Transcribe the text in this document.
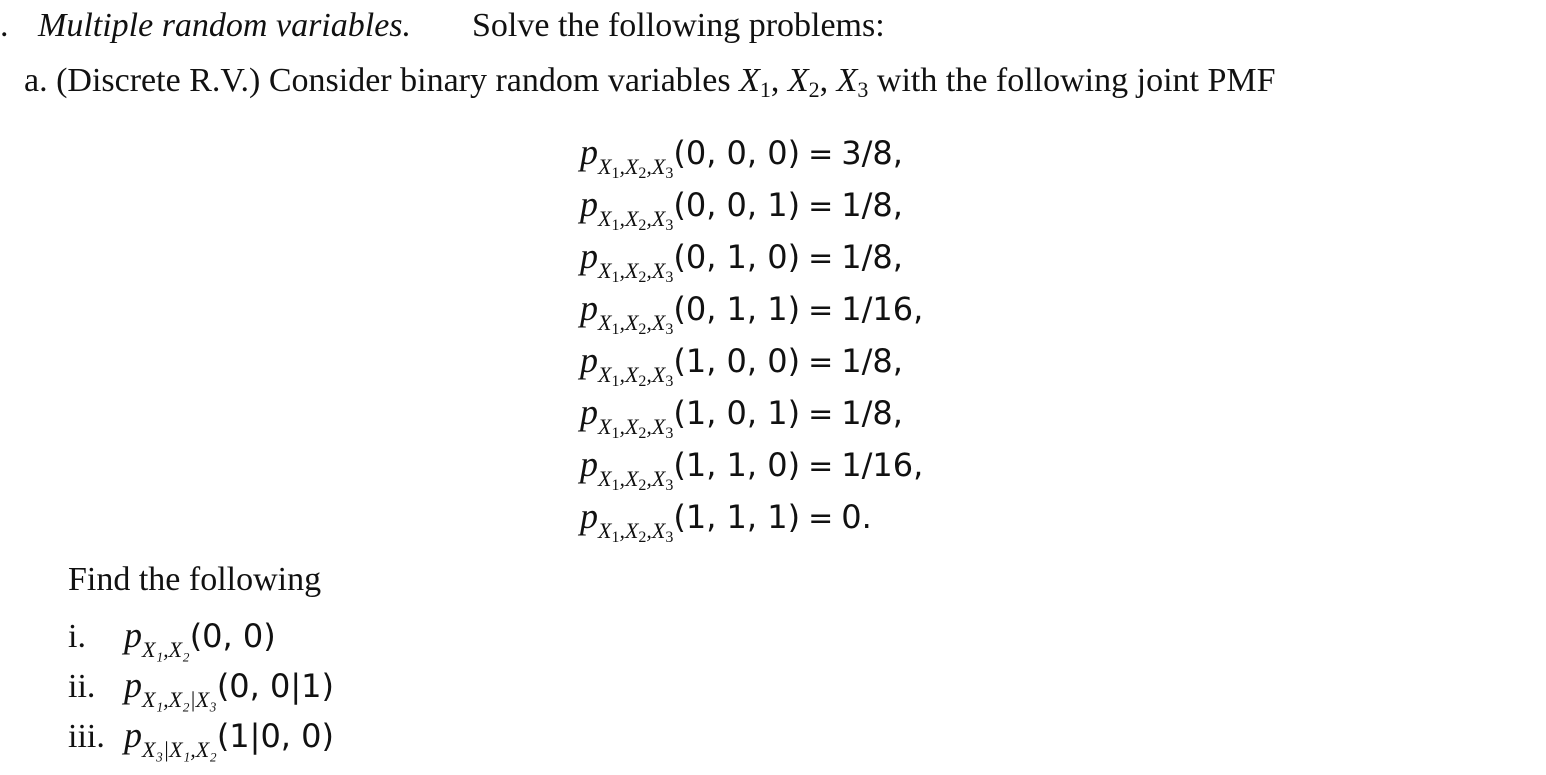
. Multiple random variables. Solve the following problems:
a. (Discrete R.V.) Consider binary random variables $X_1$, $X_2$, $X_3$ with the following joint PMF
$p_{X1,X2,X3}(0$, 0, 0) = 3/8,
$p_{X1,X2,X3}(0$, 0, 1) = 1/8,
$p_{X1,X2,X3}(0$, 1, 0) = 1/8,
$p_{X1,X2,X3}(0$, 1, 1) = 1/16,
$p_{X1,X2,X3}(1$, 0, 0) = 1/8,
$p_{X1,X2,X3}(1$, 0, 1) = 1/8,
$p_{X1,X2,X3}(1$, 1, 0) = 1/16,
$p_{X1,X2,X3}(1$, 1, 1) = 0.
Find the following
i. $p_{X_1,X_2}(0$, 0)
ii. $p_{X_1,X_2|X_3}(0$, 0|1)
iii. $p_{X_3|X_1,X_2}(1|0$, 0)
